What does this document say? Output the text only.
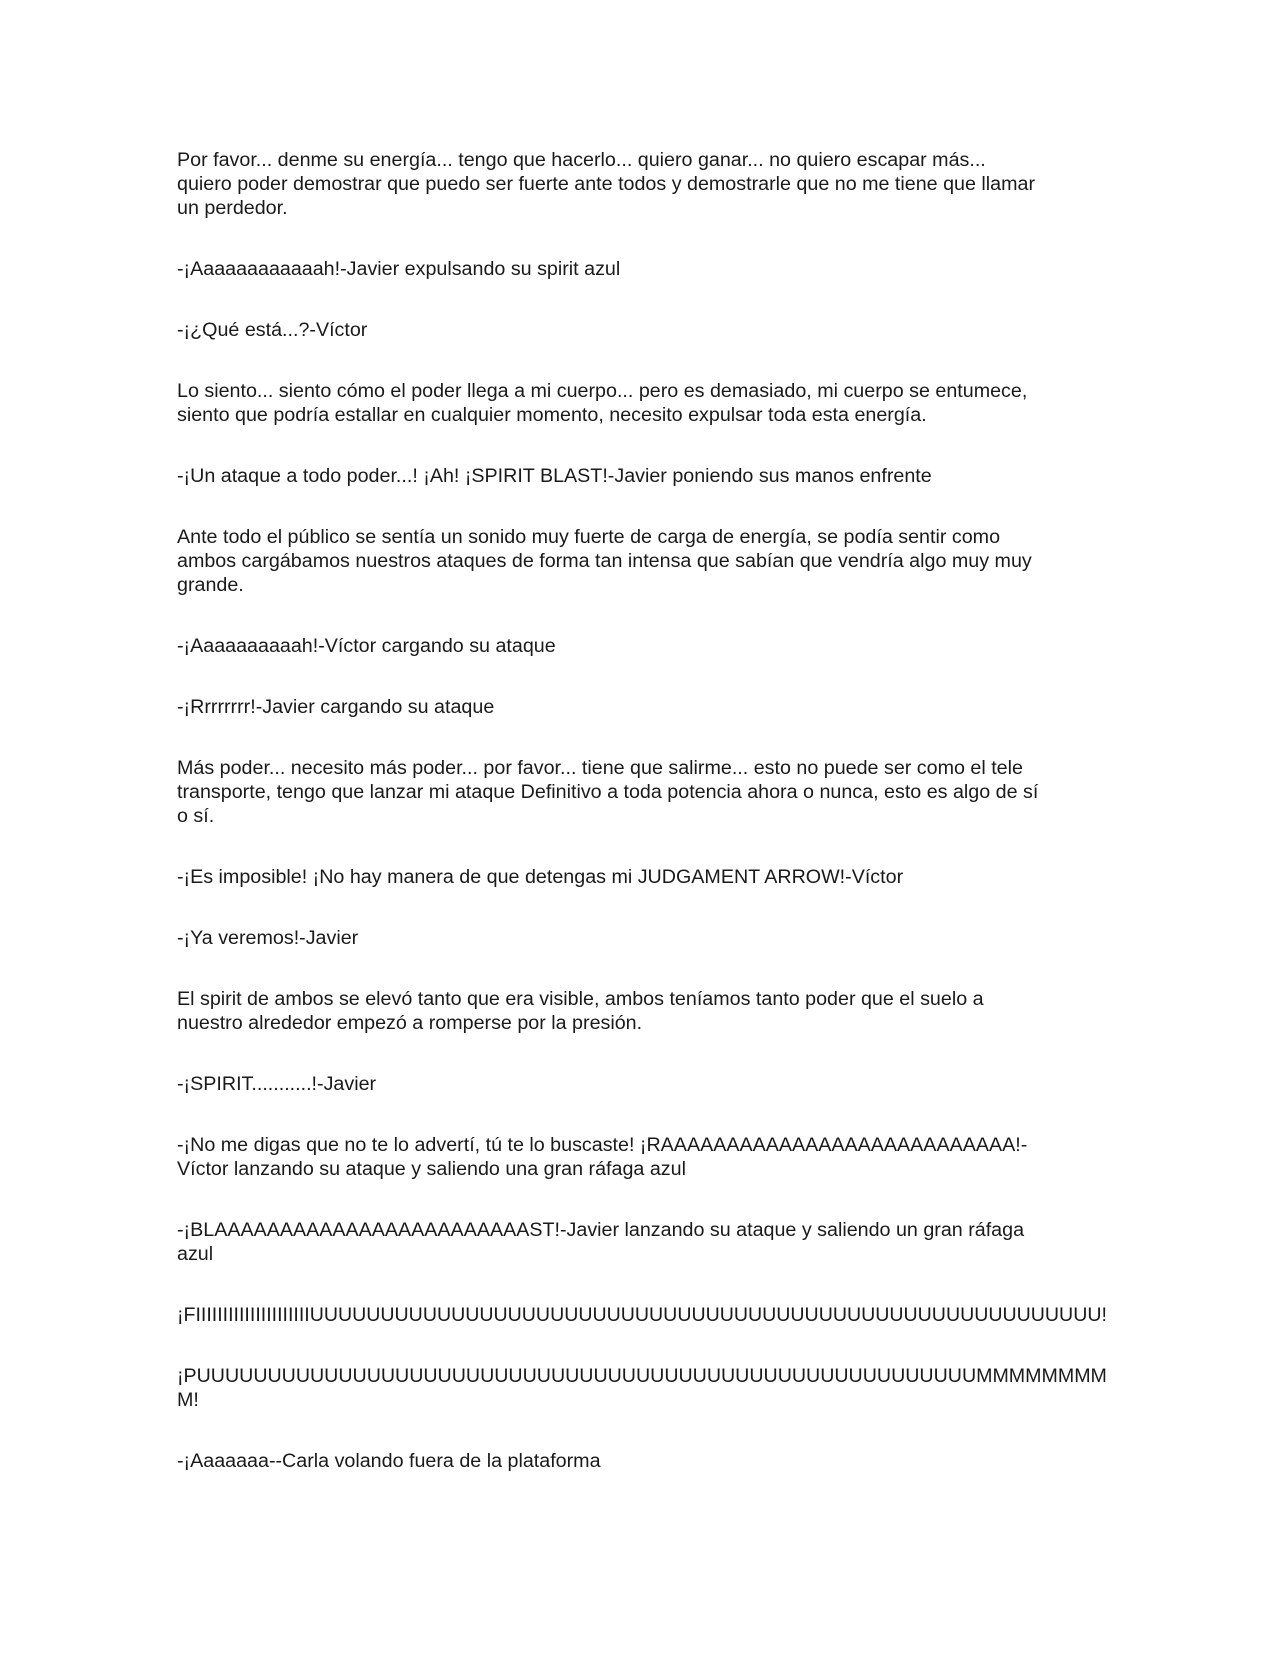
Por favor... denme su energía... tengo que hacerlo... quiero ganar... no quiero escapar más...
quiero poder demostrar que puedo ser fuerte ante todos y demostrarle que no me tiene que llamar
un perdedor.

-¡Aaaaaaaaaaaah!-Javier expulsando su spirit azul

-¡¿Qué está...?-Víctor

Lo siento... siento cómo el poder llega a mi cuerpo... pero es demasiado, mi cuerpo se entumece,
siento que podría estallar en cualquier momento, necesito expulsar toda esta energía.

-¡Un ataque a todo poder...! ¡Ah! ¡SPIRIT BLAST!-Javier poniendo sus manos enfrente

Ante todo el público se sentía un sonido muy fuerte de carga de energía, se podía sentir como
ambos cargábamos nuestros ataques de forma tan intensa que sabían que vendría algo muy muy
grande.

-¡Aaaaaaaaaah!-Víctor cargando su ataque

-¡Rrrrrrrr!-Javier cargando su ataque

Más poder... necesito más poder... por favor... tiene que salirme... esto no puede ser como el tele
transporte, tengo que lanzar mi ataque Definitivo a toda potencia ahora o nunca, esto es algo de sí
o sí.

-¡Es imposible! ¡No hay manera de que detengas mi JUDGAMENT ARROW!-Víctor

-¡Ya veremos!-Javier

El spirit de ambos se elevó tanto que era visible, ambos teníamos tanto poder que el suelo a
nuestro alrededor empezó a romperse por la presión.

-¡SPIRIT...........!-Javier

-¡No me digas que no te lo advertí, tú te lo buscaste! ¡RAAAAAAAAAAAAAAAAAAAAAAAAAAA!-
Víctor lanzando su ataque y saliendo una gran ráfaga azul

-¡BLAAAAAAAAAAAAAAAAAAAAAAAAST!-Javier lanzando su ataque y saliendo un gran ráfaga
azul

¡FIIIIIIIIIIIIIIIIIIIIIUUUUUUUUUUUUUUUUUUUUUUUUUUUUUUUUUUUUUUUUUUUUUUUUUUUUUUUU!

¡PUUUUUUUUUUUUUUUUUUUUUUUUUUUUUUUUUUUUUUUUUUUUUUUUUUUUUUUMMMMMMMM
M!

-¡Aaaaaaa--Carla volando fuera de la plataforma
